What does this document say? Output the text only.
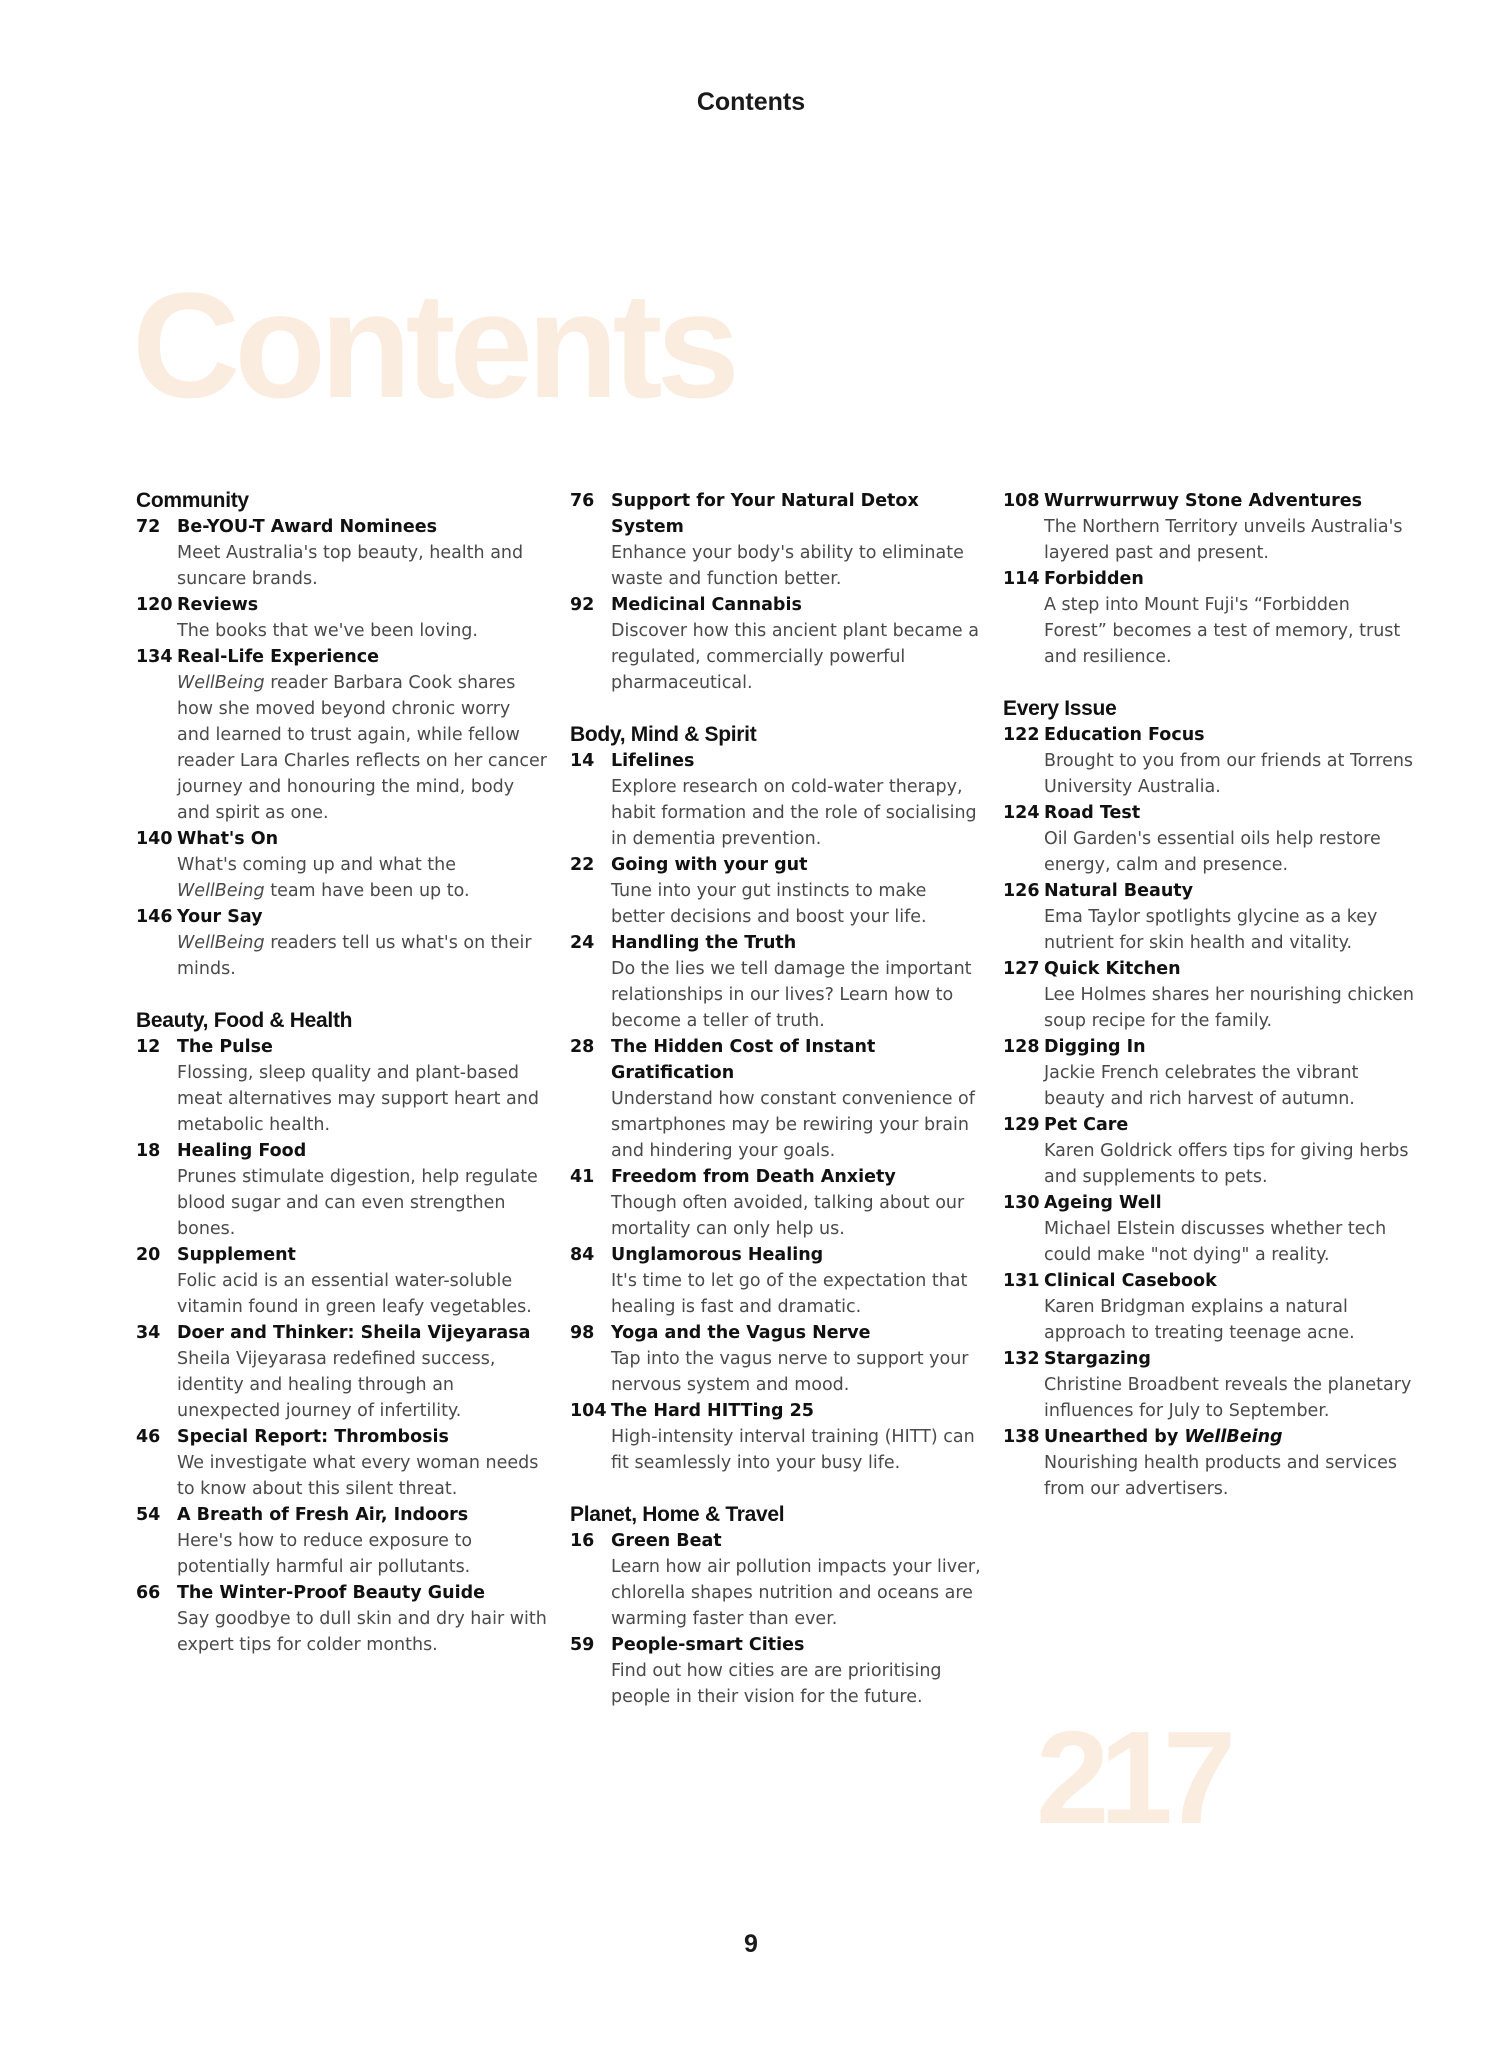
Contents
Contents
Community
72 Be-YOU-T Award Nominees
Meet Australia's top beauty, health and suncare brands.
120 Reviews
The books that we've been loving.
134 Real-Life Experience
WellBeing reader Barbara Cook shares how she moved beyond chronic worry and learned to trust again, while fellow reader Lara Charles reflects on her cancer journey and honouring the mind, body and spirit as one.
140 What's On
What's coming up and what the WellBeing team have been up to.
146 Your Say
WellBeing readers tell us what's on their minds.
Beauty, Food & Health
12 The Pulse
Flossing, sleep quality and plant-based meat alternatives may support heart and metabolic health.
18 Healing Food
Prunes stimulate digestion, help regulate blood sugar and can even strengthen bones.
20 Supplement
Folic acid is an essential water-soluble vitamin found in green leafy vegetables.
34 Doer and Thinker: Sheila Vijeyarasa
Sheila Vijeyarasa redefined success, identity and healing through an unexpected journey of infertility.
46 Special Report: Thrombosis
We investigate what every woman needs to know about this silent threat.
54 A Breath of Fresh Air, Indoors
Here's how to reduce exposure to potentially harmful air pollutants.
66 The Winter-Proof Beauty Guide
Say goodbye to dull skin and dry hair with expert tips for colder months.
76 Support for Your Natural Detox System
Enhance your body's ability to eliminate waste and function better.
92 Medicinal Cannabis
Discover how this ancient plant became a regulated, commercially powerful pharmaceutical.
Body, Mind & Spirit
14 Lifelines
Explore research on cold-water therapy, habit formation and the role of socialising in dementia prevention.
22 Going with your gut
Tune into your gut instincts to make better decisions and boost your life.
24 Handling the Truth
Do the lies we tell damage the important relationships in our lives? Learn how to become a teller of truth.
28 The Hidden Cost of Instant Gratification
Understand how constant convenience of smartphones may be rewiring your brain and hindering your goals.
41 Freedom from Death Anxiety
Though often avoided, talking about our mortality can only help us.
84 Unglamorous Healing
It's time to let go of the expectation that healing is fast and dramatic.
98 Yoga and the Vagus Nerve
Tap into the vagus nerve to support your nervous system and mood.
104 The Hard HITTing 25
High-intensity interval training (HITT) can fit seamlessly into your busy life.
Planet, Home & Travel
16 Green Beat
Learn how air pollution impacts your liver, chlorella shapes nutrition and oceans are warming faster than ever.
59 People-smart Cities
Find out how cities are are prioritising people in their vision for the future.
108 Wurrwurrwuy Stone Adventures
The Northern Territory unveils Australia's layered past and present.
114 Forbidden
A step into Mount Fuji's “Forbidden Forest” becomes a test of memory, trust and resilience.
Every Issue
122 Education Focus
Brought to you from our friends at Torrens University Australia.
124 Road Test
Oil Garden's essential oils help restore energy, calm and presence.
126 Natural Beauty
Ema Taylor spotlights glycine as a key nutrient for skin health and vitality.
127 Quick Kitchen
Lee Holmes shares her nourishing chicken soup recipe for the family.
128 Digging In
Jackie French celebrates the vibrant beauty and rich harvest of autumn.
129 Pet Care
Karen Goldrick offers tips for giving herbs and supplements to pets.
130 Ageing Well
Michael Elstein discusses whether tech could make "not dying" a reality.
131 Clinical Casebook
Karen Bridgman explains a natural approach to treating teenage acne.
132 Stargazing
Christine Broadbent reveals the planetary influences for July to September.
138 Unearthed by WellBeing
Nourishing health products and services from our advertisers.
217
9
